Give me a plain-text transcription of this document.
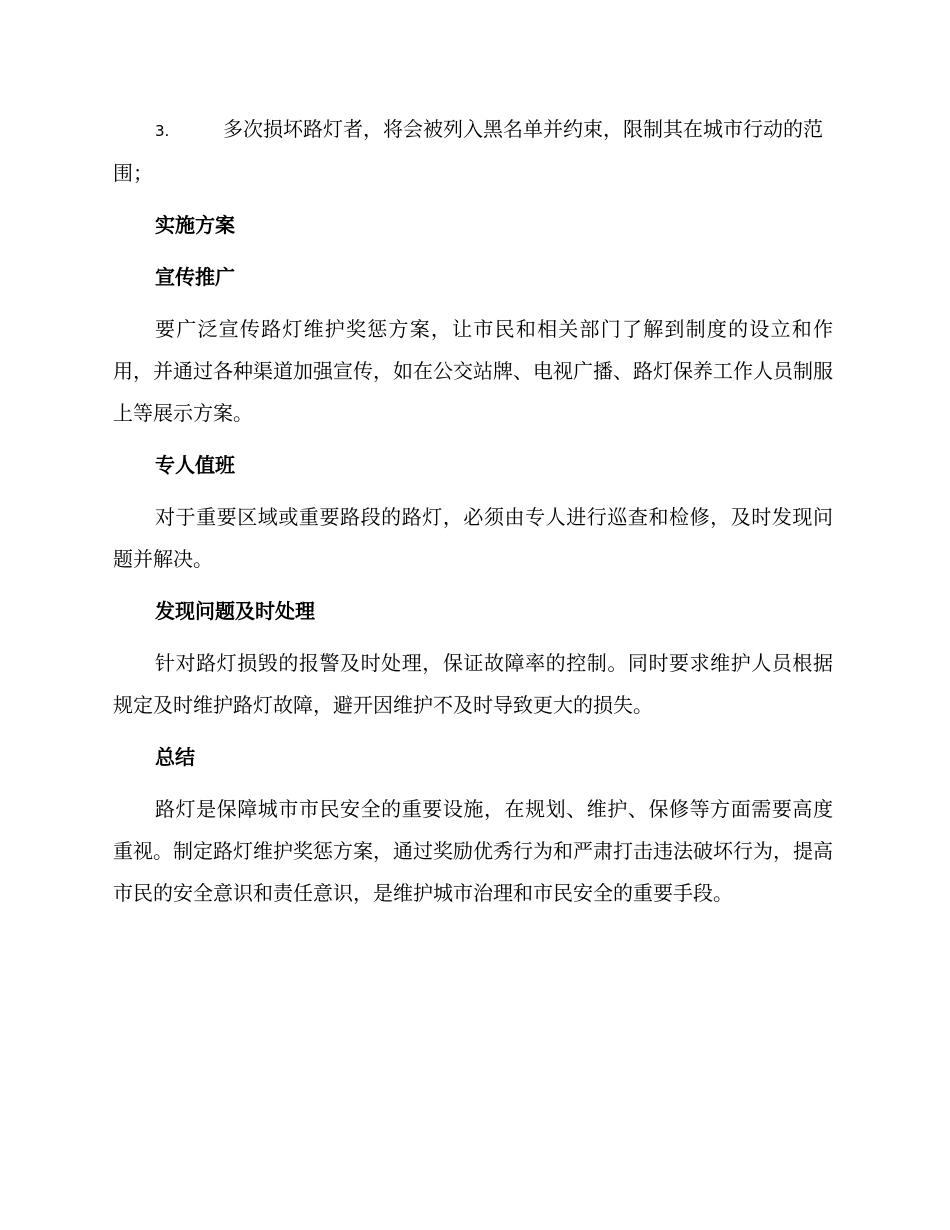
3.	多次损坏路灯者，将会被列入黑名单并约束，限制其在城市行动的范围；

实施方案
宣传推广

要广泛宣传路灯维护奖惩方案，让市民和相关部门了解到制度的设立和作用，并通过各种渠道加强宣传，如在公交站牌、电视广播、路灯保养工作人员制服上等展示方案。

专人值班

对于重要区域或重要路段的路灯，必须由专人进行巡查和检修，及时发现问题并解决。

发现问题及时处理

针对路灯损毁的报警及时处理，保证故障率的控制。同时要求维护人员根据规定及时维护路灯故障，避开因维护不及时导致更大的损失。

总结

路灯是保障城市市民安全的重要设施，在规划、维护、保修等方面需要高度重视。制定路灯维护奖惩方案，通过奖励优秀行为和严肃打击违法破坏行为，提高市民的安全意识和责任意识，是维护城市治理和市民安全的重要手段。
